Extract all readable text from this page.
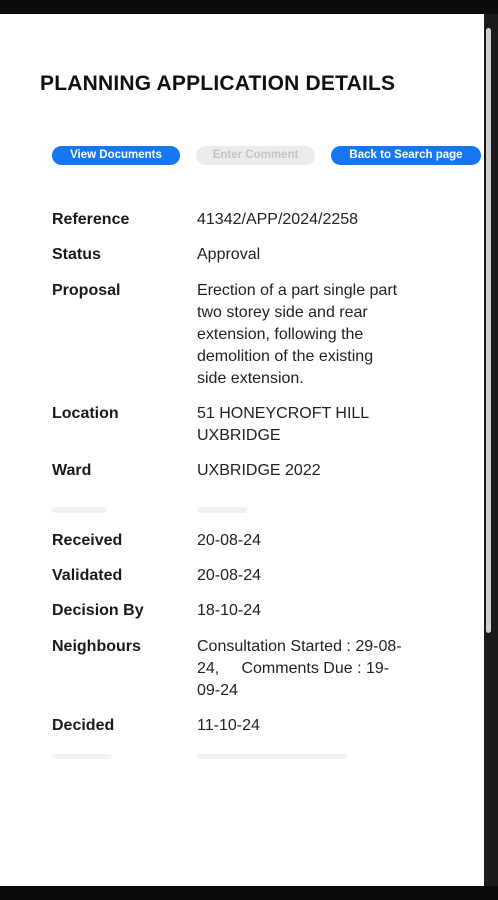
PLANNING APPLICATION DETAILS
View Documents	Enter Comment	Back to Search page
Reference	41342/APP/2024/2258
Status	Approval
Proposal	Erection of a part single part two storey side and rear extension, following the demolition of the existing side extension.
Location	51 HONEYCROFT HILL UXBRIDGE
Ward	UXBRIDGE 2022
Received	20-08-24
Validated	20-08-24
Decision By	18-10-24
Neighbours	Consultation Started : 29-08-24,     Comments Due : 19-09-24
Decided	11-10-24
